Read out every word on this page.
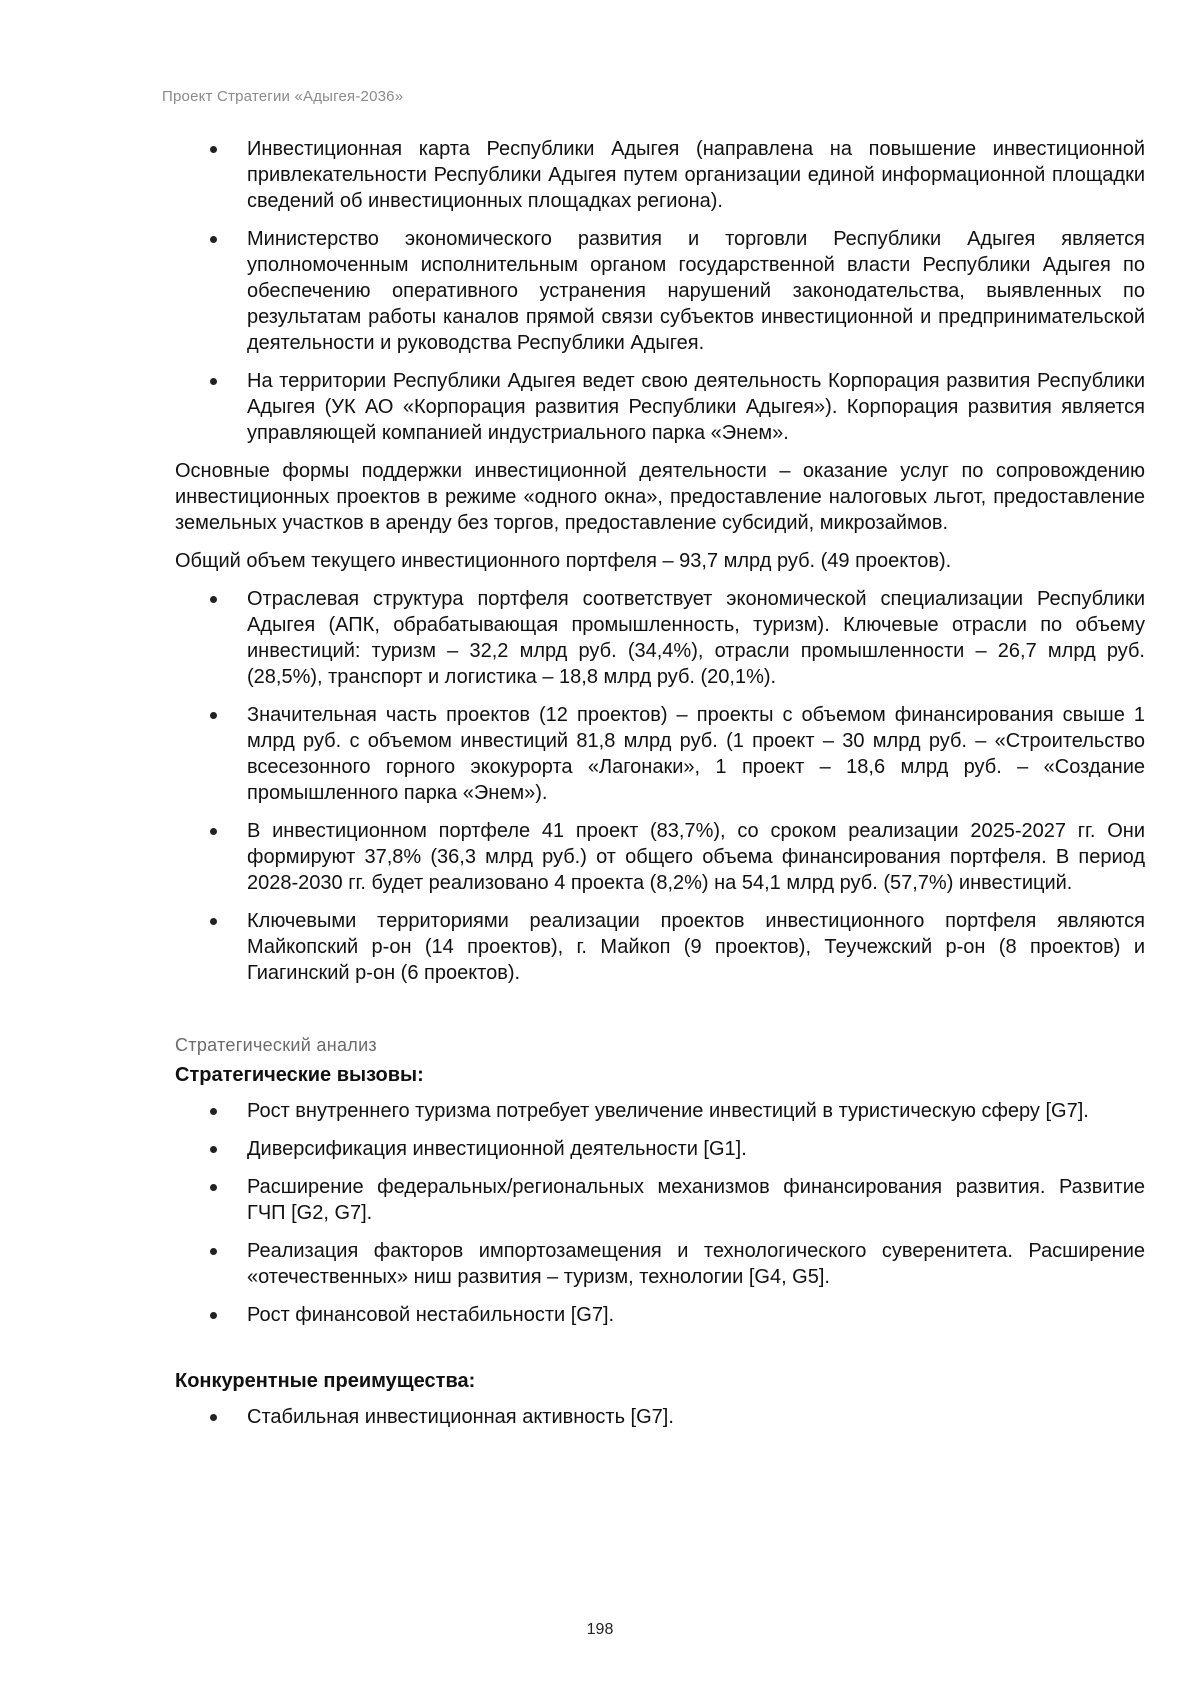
Проект Стратегии «Адыгея-2036»
Инвестиционная карта Республики Адыгея (направлена на повышение инвестиционной привлекательности Республики Адыгея путем организации единой информационной площадки сведений об инвестиционных площадках региона).
Министерство экономического развития и торговли Республики Адыгея является уполномоченным исполнительным органом государственной власти Республики Адыгея по обеспечению оперативного устранения нарушений законодательства, выявленных по результатам работы каналов прямой связи субъектов инвестиционной и предпринимательской деятельности и руководства Республики Адыгея.
На территории Республики Адыгея ведет свою деятельность Корпорация развития Республики Адыгея (УК АО «Корпорация развития Республики Адыгея»). Корпорация развития является управляющей компанией индустриального парка «Энем».

Основные формы поддержки инвестиционной деятельности – оказание услуг по сопровождению инвестиционных проектов в режиме «одного окна», предоставление налоговых льгот, предоставление земельных участков в аренду без торгов, предоставление субсидий, микрозаймов.

Общий объем текущего инвестиционного портфеля – 93,7 млрд руб. (49 проектов).

Отраслевая структура портфеля соответствует экономической специализации Республики Адыгея (АПК, обрабатывающая промышленность, туризм). Ключевые отрасли по объему инвестиций: туризм – 32,2 млрд руб. (34,4%), отрасли промышленности – 26,7 млрд руб. (28,5%), транспорт и логистика – 18,8 млрд руб. (20,1%).
Значительная часть проектов (12 проектов) – проекты с объемом финансирования свыше 1 млрд руб. с объемом инвестиций 81,8 млрд руб. (1 проект – 30 млрд руб. – «Строительство всесезонного горного экокурорта «Лагонаки», 1 проект – 18,6 млрд руб. – «Создание промышленного парка «Энем»).
В инвестиционном портфеле 41 проект (83,7%), со сроком реализации 2025-2027 гг. Они формируют 37,8% (36,3 млрд руб.) от общего объема финансирования портфеля. В период 2028-2030 гг. будет реализовано 4 проекта (8,2%) на 54,1 млрд руб. (57,7%) инвестиций.
Ключевыми территориями реализации проектов инвестиционного портфеля являются Майкопский р-он (14 проектов), г. Майкоп (9 проектов), Теучежский р-он (8 проектов) и Гиагинский р-он (6 проектов).
Стратегический анализ
Стратегические вызовы:
Рост внутреннего туризма потребует увеличение инвестиций в туристическую сферу [G7].
Диверсификация инвестиционной деятельности [G1].
Расширение федеральных/региональных механизмов финансирования развития. Развитие ГЧП [G2, G7].
Реализация факторов импортозамещения и технологического суверенитета. Расширение «отечественных» ниш развития – туризм, технологии [G4, G5].
Рост финансовой нестабильности [G7].
Конкурентные преимущества:
Стабильная инвестиционная активность [G7].
198
